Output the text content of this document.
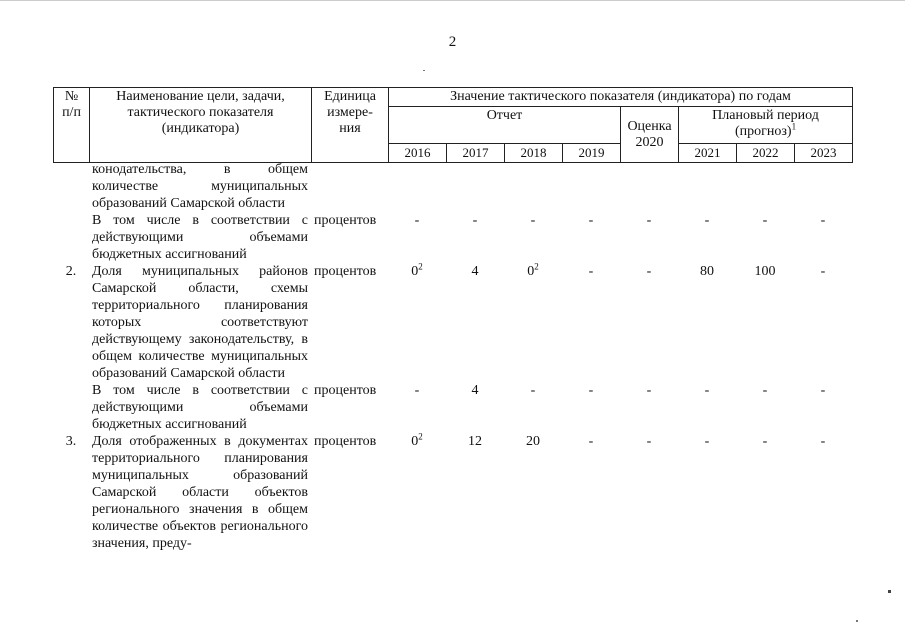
2
№
п/п	Наименование цели, задачи,
тактического показателя
(индикатора)	Единица
измере-
ния	Значение тактического показателя (индикатора) по годам							
			Отчет				Оценка 2020	Плановый период
(прогноз)$^1$
			2016	2017	2018	2019		2021	2022	2023
	конодательства, в общем количестве муниципальных образований Самарской области									
	В том числе в соответствии с действующими объемами бюджетных ассигнований	процентов	-	-	-	-	-	-	-	-
2.	Доля муниципальных районов Самарской области, схемы территориального планирования которых соответствуют действующему законодательству, в общем количестве муниципальных образований Самарской области	процентов	$0^2$	4	$0^2$	-	-	80	100	-
	В том числе в соответствии с действующими объемами бюджетных ассигнований	процентов	-	4	-	-	-	-	-	-
3.	Доля отображенных в документах территориального планирования муниципальных образований Самарской области объектов регионального значения в общем количестве объектов регионального значения, преду-	процентов	$0^2$	12	20	-	-	-	-	-
